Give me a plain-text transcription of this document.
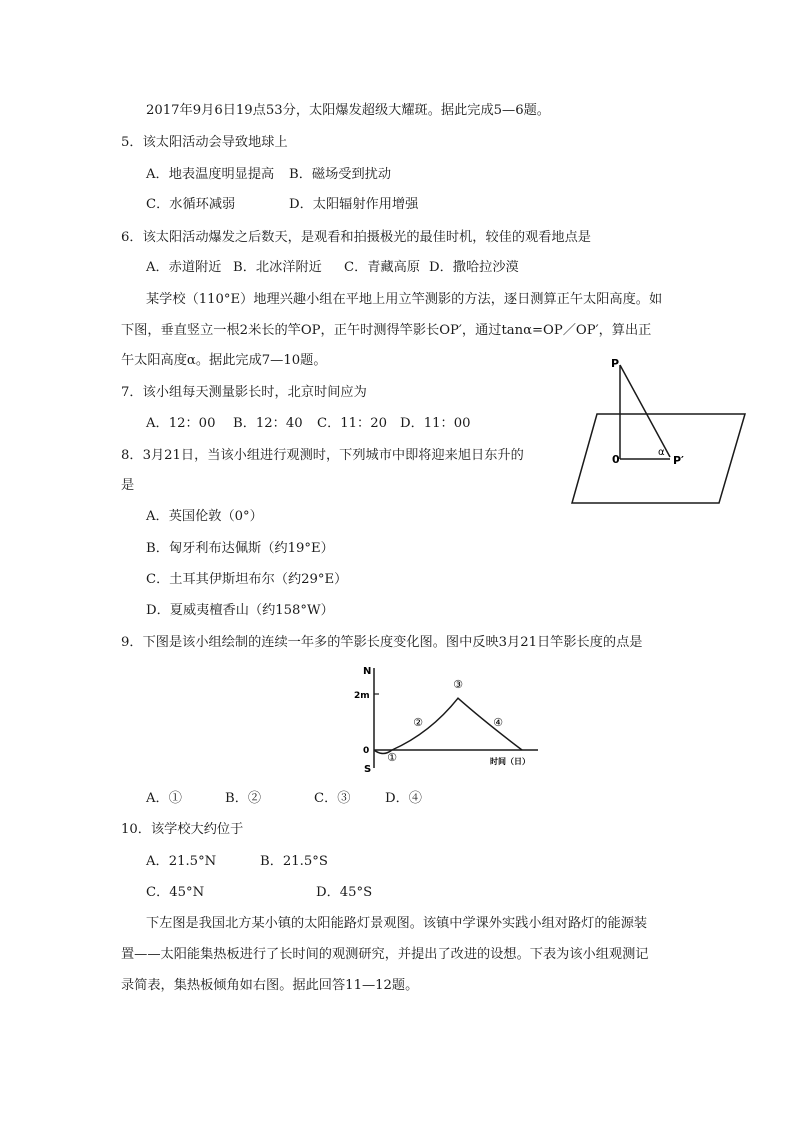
2017年9月6日19点53分，太阳爆发超级大耀斑。据此完成5—6题。
5．该太阳活动会导致地球上
A．地表温度明显提高 B．磁场受到扰动
C．水循环减弱	D．太阳辐射作用增强
6．该太阳活动爆发之后数天，是观看和拍摄极光的最佳时机，较佳的观看地点是
A．赤道附近 B．北冰洋附近 C．青藏高原 D．撒哈拉沙漠
某学校（110°E）地理兴趣小组在平地上用立竿测影的方法，逐日测算正午太阳高度。如
下图，垂直竖立一根2米长的竿OP，正午时测得竿影长OP′，通过tanα=OP／OP′，算出正
午太阳高度α。据此完成7—10题。	P
0
α
P′
7．该小组每天测量影长时，北京时间应为
A．12：00 B．12：40 C．11：20 D．11：00
8．3月21日，当该小组进行观测时，下列城市中即将迎来旭日东升的
是
A．英国伦敦（0°）
B．匈牙利布达佩斯（约19°E）
C．土耳其伊斯坦布尔（约29°E）
D．夏威夷檀香山（约158°W）
9．下图是该小组绘制的连续一年多的竿影长度变化图。图中反映3月21日竿影长度的点是
N
S
2m
0
时间（日）
①
②
③
④
A．①	B．②	C．③	D．④
10．该学校大约位于
A．21.5°N	B．21.5°S
C．45°N	D．45°S
下左图是我国北方某小镇的太阳能路灯景观图。该镇中学课外实践小组对路灯的能源装
置——太阳能集热板进行了长时间的观测研究，并提出了改进的设想。下表为该小组观测记
录简表，集热板倾角如右图。据此回答11—12题。
